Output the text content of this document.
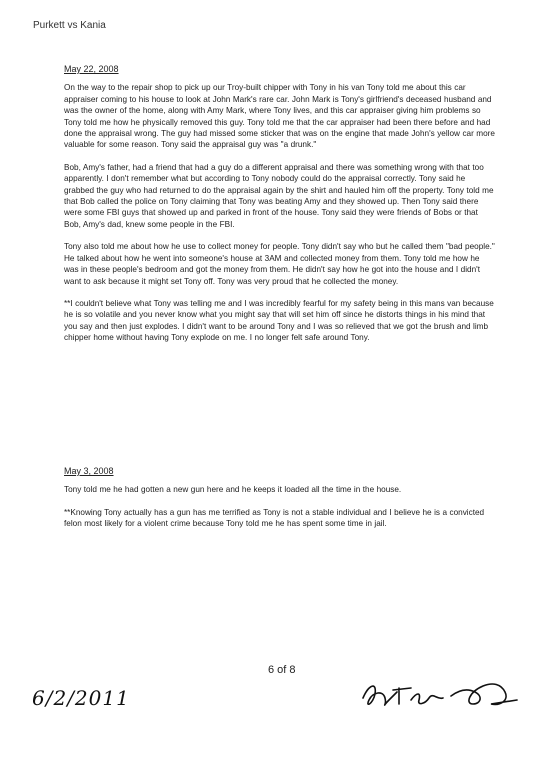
Purkett vs Kania
May 22, 2008

On the way to the repair shop to pick up our Troy-built chipper with Tony in his van Tony told me about this car appraiser coming to his house to look at John Mark's rare car. John Mark is Tony's girlfriend's deceased husband and was the owner of the home, along with Amy Mark, where Tony lives, and this car appraiser giving him problems so Tony told me how he physically removed this guy. Tony told me that the car appraiser had been there before and had done the appraisal wrong. The guy had missed some sticker that was on the engine that made John's yellow car more valuable for some reason. Tony said the appraisal guy was "a drunk."

Bob, Amy's father, had a friend that had a guy do a different appraisal and there was something wrong with that too apparently. I don't remember what but according to Tony nobody could do the appraisal correctly. Tony said he grabbed the guy who had returned to do the appraisal again by the shirt and hauled him off the property. Tony told me that Bob called the police on Tony claiming that Tony was beating Amy and they showed up. Then Tony said there were some FBI guys that showed up and parked in front of the house. Tony said they were friends of Bobs or that Bob, Amy's dad, knew some people in the FBI.

Tony also told me about how he use to collect money for people. Tony didn't say who but he called them "bad people." He talked about how he went into someone's house at 3AM and collected money from them. Tony told me how he was in these people's bedroom and got the money from them. He didn't say how he got into the house and I didn't want to ask because it might set Tony off. Tony was very proud that he collected the money.

**I couldn't believe what Tony was telling me and I was incredibly fearful for my safety being in this mans van because he is so volatile and you never know what you might say that will set him off since he distorts things in his mind that you say and then just explodes. I didn't want to be around Tony and I was so relieved that we got the brush and limb chipper home without having Tony explode on me. I no longer felt safe around Tony.

May 3, 2008

Tony told me he had gotten a new gun here and he keeps it loaded all the time in the house.

**Knowing Tony actually has a gun has me terrified as Tony is not a stable individual and I believe he is a convicted felon most likely for a violent crime because Tony told me he has spent some time in jail.

6 of 8
6/2/2011
